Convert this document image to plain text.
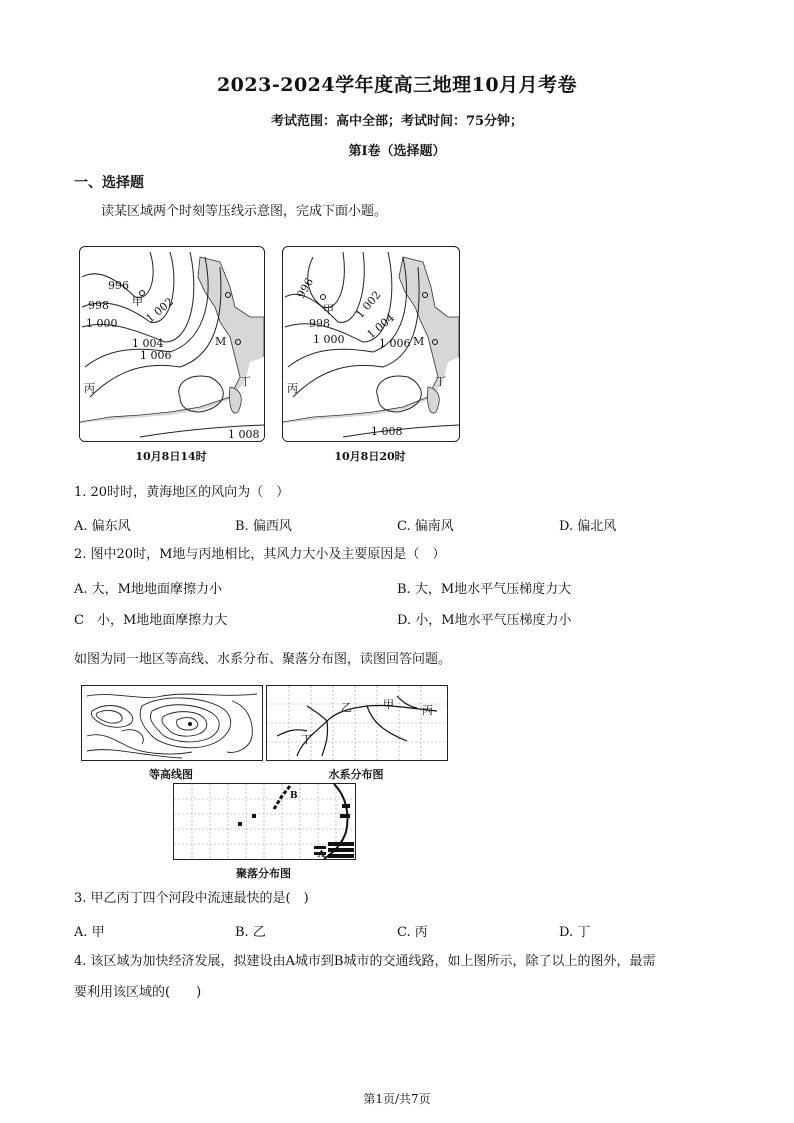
2023-2024学年度高三地理10月月考卷
考试范围：高中全部；考试时间：75分钟；
第I卷（选择题）
一、选择题
读某区域两个时刻等压线示意图，完成下面小题。
996
998
1 000
1 004
1 006
1 002
1 008
甲
丙
丁
M
10月8日14时
996
998
1 000
1 002
1 004
1 006
1 008
甲
丙
丁
M
10月8日20时
1. 20时时，黄海地区的风向为（　）
A. 偏东风	B. 偏西风	C. 偏南风	D. 偏北风
2. 图中20时，M地与丙地相比，其风力大小及主要原因是（　）
A. 大，M地地面摩擦力小	B. 大，M地水平气压梯度力大
C　小，M地地面摩擦力大	D. 小，M地水平气压梯度力小
如图为同一地区等高线、水系分布、聚落分布图，读图回答问题。
等高线图
乙	甲	丙
丁
水系分布图
B
A
聚落分布图
3. 甲乙丙丁四个河段中流速最快的是(　)
A. 甲	B. 乙	C. 丙	D. 丁
4. 该区域为加快经济发展，拟建设由A城市到B城市的交通线路，如上图所示，除了以上的图外，最需
要利用该区域的(　　)
第1页/共7页
